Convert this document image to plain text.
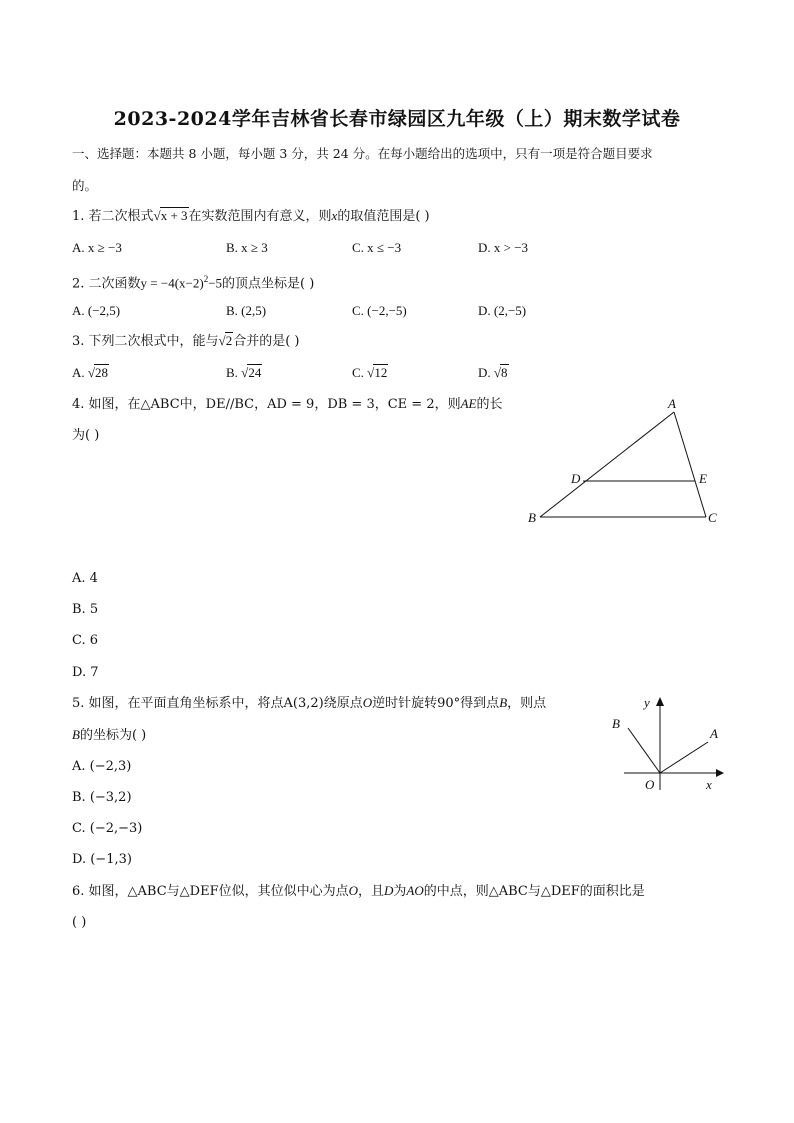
2023-2024学年吉林省长春市绿园区九年级（上）期末数学试卷
一、选择题：本题共 8 小题，每小题 3 分，共 24 分。在每小题给出的选项中，只有一项是符合题目要求
的。
1. 若二次根式√x + 3在实数范围内有意义，则x的取值范围是( )
A. x ≥ −3	B. x ≥ 3	C. x ≤ −3	D. x > −3
2. 二次函数$y = -4(x-2)^2-5$的顶点坐标是( )
A. (−2,5)	B. (2,5)	C. (−2,−5)	D. (2,−5)
3. 下列二次根式中，能与√2合并的是( )
A. √28	B. √24	C. √12	D. √8
4. 如图，在△ABC中，DE//BC，AD = 9，DB = 3，CE = 2，则AE的长
为( )
A
D	E
B	C
A. 4
B. 5
C. 6
D. 7
5. 如图，在平面直角坐标系中，将点A(3,2)绕原点O逆时针旋转90°得到点B，则点
B的坐标为( )
y
B
A
O	x
A. (−2,3)
B. (−3,2)
C. (−2,−3)
D. (−1,3)
6. 如图，△ABC与△DEF位似，其位似中心为点O，且D为AO的中点，则△ABC与△DEF的面积比是
( )
